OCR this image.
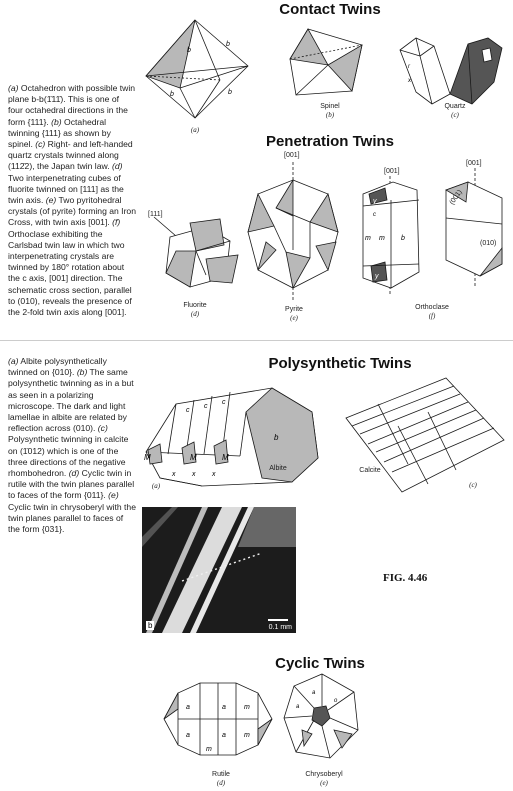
Contact Twins
b
b
b	b
(a)
Spinel
(b)
r
x
Quartz
(c)
Penetration Twins
(a) Octahedron with possible twin plane b-b(1̄11̄). This is one of four octahedral directions in the form {111}. (b) Octahedral twinning {111} as shown by spinel. (c) Right- and left-handed quartz crystals twinned along (112̄2), the Japan twin law. (d) Two interpenetrating cubes of fluorite twinned on [111] as the twin axis. (e) Two pyritohedral crystals (of pyrite) forming an Iron Cross, with twin axis [001]. (f) Orthoclase exhibiting the Carlsbad twin law in which two interpenetrating crystals are twinned by 180° rotation about the c axis, [001] direction. The schematic cross section, parallel to (010), reveals the presence of the 2-fold twin axis along [001].
[111]
Fluorite
(d)
[001]
Pyrite
(e)
[001]
y
c
m m b
y
Orthoclase
(f)
[001]
(001)
(010)
Polysynthetic Twins
(a) Albite polysynthetically twinned on {010}. (b) The same polysynthetic twinning as in a but as seen in a polarizing microscope. The dark and light lamellae in albite are related by reflection across (010). (c) Polysynthetic twinning in calcite on (1̄012) which is one of the three directions of the negative rhombohedron. (d) Cyclic twin in rutile with the twin planes parallel to faces of the form {011}. (e) Cyclic twin in chrysoberyl with the twin planes parallel to faces of the form {031}.
M	M	M
c
c
c
x x x
b
Albite
(a)
Calcite
(c)
b	0.1 mm
FIG. 4.46
Cyclic Twins
a	a
a	a
m
m
m
Rutile
(d)
a
o
a
Chrysoberyl
(e)
